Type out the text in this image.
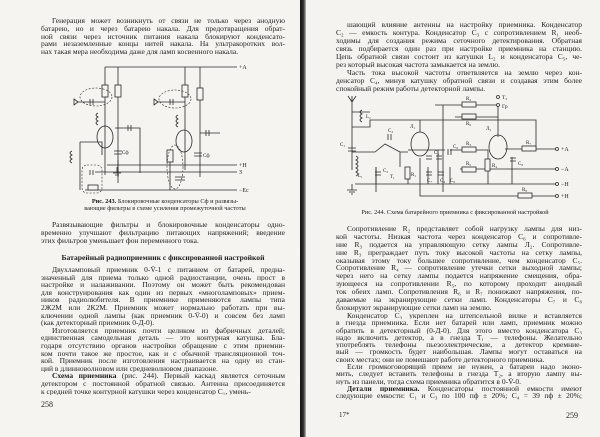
Генерация может возникнуть от связи не только через анодную
батарею, но и через батарею накала. Для предотвращения обрат-
ной связи через источник питания накала блокируют конденсато-
рами незаземленные концы нитей накала. На ультракоротких вол-
нах такая мера необходима даже для ламп косвенного накала.
+А
+Н
З
−Eс
Cф
Cф
Рис. 243. Блокировочные конденсаторы Cф и развязы-
вающие фильтры в схеме усиления промежуточной частоты
Развязывающие фильтры и блокировочные конденсаторы одно-
временно улучшают фильтрацию питающих напряжений; введение
этих фильтров уменьшает фон переменного тока.
Батарейный радиоприемник с фиксированной настройкой
Двухламповый приемник 0-V̄-1 с питанием от батарей, предна-
значенный для приема только одной радиостанции, очень прост в
настройке и налаживании. Поэтому он может быть рекомендован
для конструирования как один из первых «многоламповых» прием-
ников радиолюбителя. В приемнике применяются лампы типа
2Ж2М или 2К2М. Приемник может нормально работать при вы-
ключении одной лампы (как приемник 0-V̄-0) и совсем без ламп
(как детекторный приемник 0-Д-0).
Изготовляется приемник почти целиком из фабричных деталей;
единственная самодельная деталь — это контурная катушка. Бла-
годаря отсутствию органов настройки обращение с этим приемни-
ком почти такое же простое, как и с обычной трансляционной точ-
кой. Приемник после изготовления настраивается на одну из стан-
ций в длинноволновом или средневолновом диапазоне.
Схема приемника (рис. 244). Первый каскад является сеточным
детектором с постоянной обратной связью. Антенна присоединяется
к средней точке контурной катушки через конденсатор C₁, умень-
258
шающий влияние антенны на настройку приемника. Конденсатор
C₂ — емкость контура. Конденсатор C₃ с сопротивлением R₁ необ-
ходимы для создания режима сеточного детектирования. Обратная
связь подбирается один раз при настройке приемника на станцию.
Цепь обратной связи состоит из катушки L₂ и конденсатора C₅, че-
рез который высокая частота замыкается на землю.
Часть тока высокой частоты ответвляется на землю через кон-
денсатор C₄, минуя катушку обратной связи и создавая этим более
спокойный режим работы детекторной лампы.
T₂
Гр
+А
−А
−Н
+Н
Л₁	Л₂
L₁
L₂
T₁
C₁
C₂
C₃
C₇
C₅
C₄
C₆
C₈
C₉
R₁
R₂
R₃
R₄
R₅
R₆
R₇
R₈
Рис. 244. Схема батарейного приемника с фиксированной настройкой
Сопротивление R₂ представляет собой нагрузку лампы для низ-
кой частоты. Низкая частота через конденсатор C₆ и сопротивле-
ние R₃ подается на управляющую сетку лампы Л₂. Сопротивле-
ние R₃ преграждает путь току высокой частоты на сетку лампы,
оказывая этому току большее сопротивление, чем конденсатор C₅.
Сопротивление R₄ — сопротивление утечки сетки выходной лампы;
через него на сетку лампы подается напряжение смещения, обра-
зующееся на сопротивлении R₅, по которому проходит анодный
ток обеих ламп. Сопротивления R₆ и R₇ понижают напряжения, по-
даваемые на экранирующие сетки ламп. Конденсаторы C₇ и C₈
блокируют экранирующие сетки ламп на землю.
Конденсатор C₃ укреплен на штепсельной вилке и вставляется
в гнезда приемника. Если нет батарей или ламп, приемник можно
обратить в детекторный (0-Д-0). Для этого вместо конденсатора C₃
надо включить детектор, а в гнезда T₁ — телефоны. Желательно
употреблять телефоны пьезоэлектрические, а детектор кремние-
вый — громкость будет наибольшая. Лампы могут оставаться на
своих местах; они не помешают работе детекторного приемника.
Если громкоговорящий прием не нужен, а батареи надо эконо-
мить, следует вставить телефоны в гнезда T₂, а вторую лампу вы-
нуть из панели, тогда схема приемника обратится в 0-V̄-0.
Детали приемника. Конденсаторы постоянной емкости имеют
следующие емкости: C₁ и C₃ по 100 пф ± 20%; C₄ = 39 пф ± 20%;
17*	259
